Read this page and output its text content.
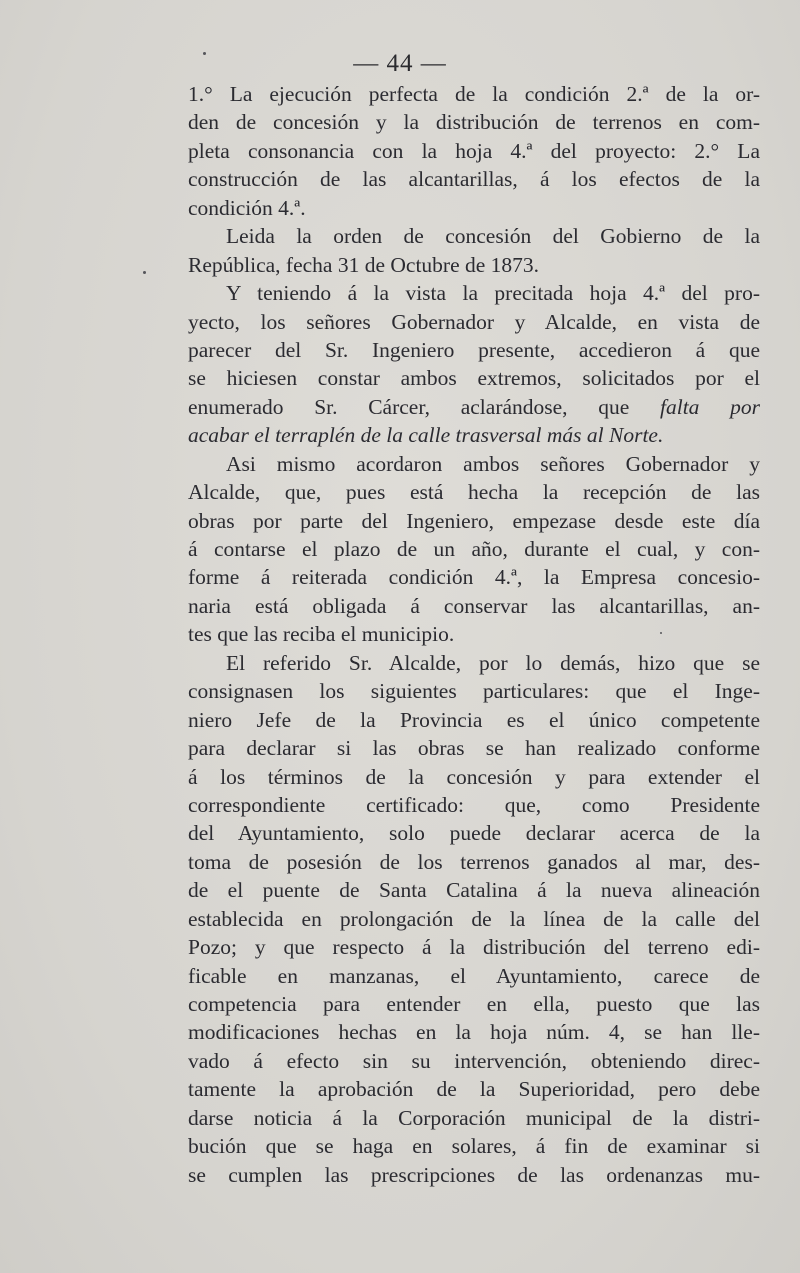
— 44 —
1.° La ejecución perfecta de la condición 2.ª de la or-
den de concesión y la distribución de terrenos en com-
pleta consonancia con la hoja 4.ª del proyecto: 2.° La
construcción de las alcantarillas, á los efectos de la
condición 4.ª.
Leida la orden de concesión del Gobierno de la
República, fecha 31 de Octubre de 1873.
Y teniendo á la vista la precitada hoja 4.ª del pro-
yecto, los señores Gobernador y Alcalde, en vista de
parecer del Sr. Ingeniero presente, accedieron á que
se hiciesen constar ambos extremos, solicitados por el
enumerado Sr. Cárcer, aclarándose, que falta por
acabar el terraplén de la calle trasversal más al Norte.
Asi mismo acordaron ambos señores Gobernador y
Alcalde, que, pues está hecha la recepción de las
obras por parte del Ingeniero, empezase desde este día
á contarse el plazo de un año, durante el cual, y con-
forme á reiterada condición 4.ª, la Empresa concesio-
naria está obligada á conservar las alcantarillas, an-
tes que las reciba el municipio.
El referido Sr. Alcalde, por lo demás, hizo que se
consignasen los siguientes particulares: que el Inge-
niero Jefe de la Provincia es el único competente
para declarar si las obras se han realizado conforme
á los términos de la concesión y para extender el
correspondiente certificado: que, como Presidente
del Ayuntamiento, solo puede declarar acerca de la
toma de posesión de los terrenos ganados al mar, des-
de el puente de Santa Catalina á la nueva alineación
establecida en prolongación de la línea de la calle del
Pozo; y que respecto á la distribución del terreno edi-
ficable en manzanas, el Ayuntamiento, carece de
competencia para entender en ella, puesto que las
modificaciones hechas en la hoja núm. 4, se han lle-
vado á efecto sin su intervención, obteniendo direc-
tamente la aprobación de la Superioridad, pero debe
darse noticia á la Corporación municipal de la distri-
bución que se haga en solares, á fin de examinar si
se cumplen las prescripciones de las ordenanzas mu-
